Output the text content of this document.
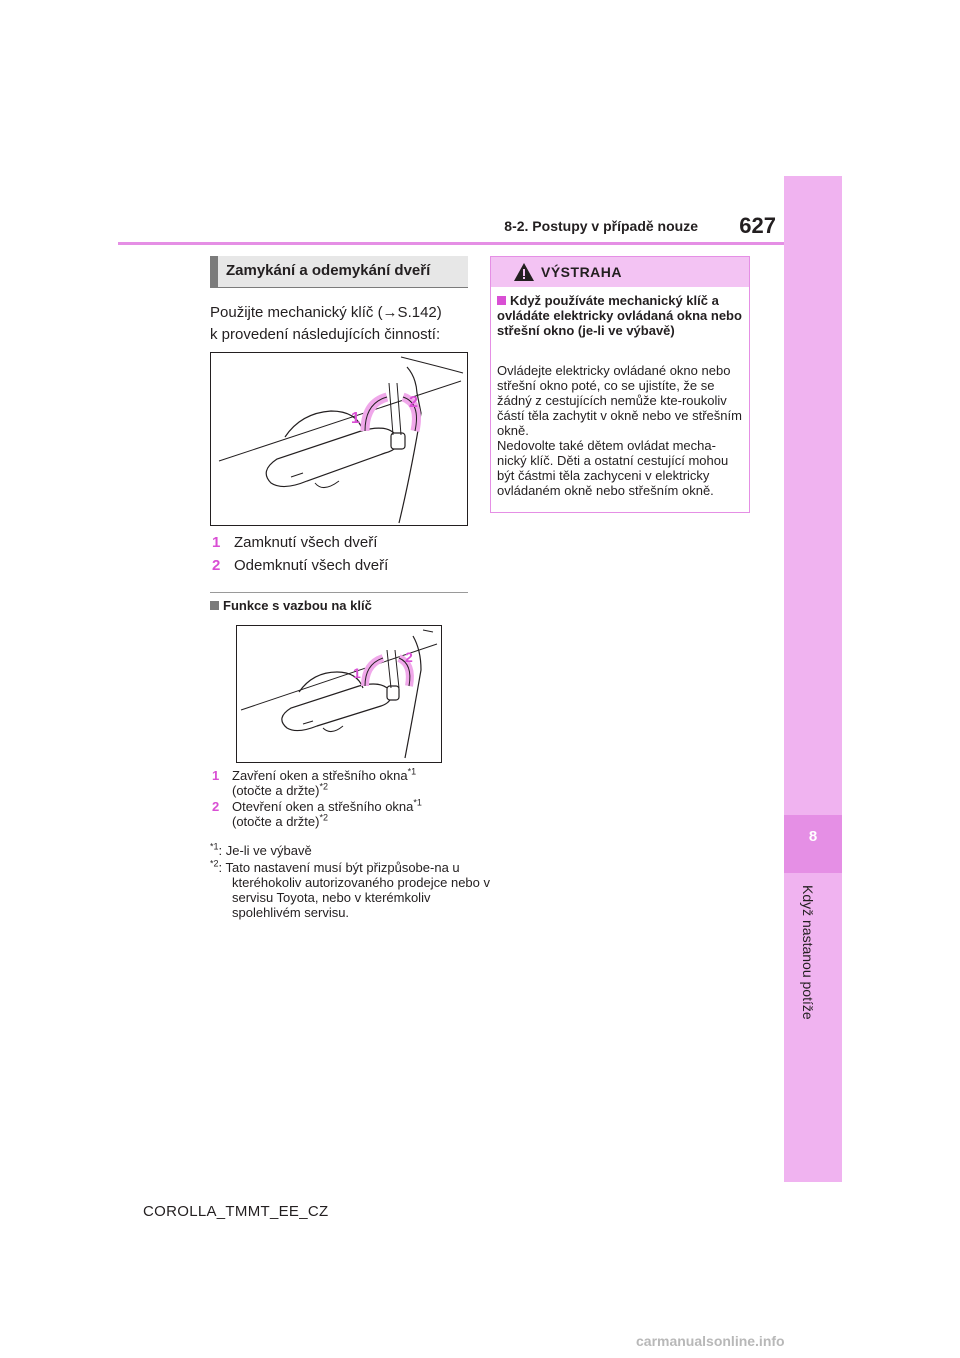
8
Když nastanou potíže
8-2. Postupy v případě nouze	627
Zamykání a odemykání dveří
Použijte mechanický klíč (→S.142)
k provedení následujících činností:
1
2
1 Zamknutí všech dveří
2 Odemknutí všech dveří
Funkce s vazbou na klíč
1
2
1 Zavření oken a střešního okna$^{*1}$
(otočte a držte)$^{*2}$
2 Otevření oken a střešního okna$^{*1}$
(otočte a držte)$^{*2}$
$^{*1}$: Je-li ve výbavě
$^{*2}$: Tato nastavení musí být přizpůsobe-na u kteréhokoliv autorizovaného prodejce nebo v servisu Toyota, nebo v kterémkoliv spolehlivém servisu.
VÝSTRAHA
Když používáte mechanický klíč a ovládáte elektricky ovládaná okna nebo střešní okno (je-li ve výbavě)
Ovládejte elektricky ovládané okno nebo střešní okno poté, co se ujistíte, že se žádný z cestujících nemůže kte-roukoliv částí těla zachytit v okně nebo ve střešním okně.
Nedovolte také dětem ovládat mecha-nický klíč. Děti a ostatní cestující mohou být částmi těla zachyceni v elektricky ovládaném okně nebo střešním okně.
COROLLA_TMMT_EE_CZ
carmanualsonline.info
